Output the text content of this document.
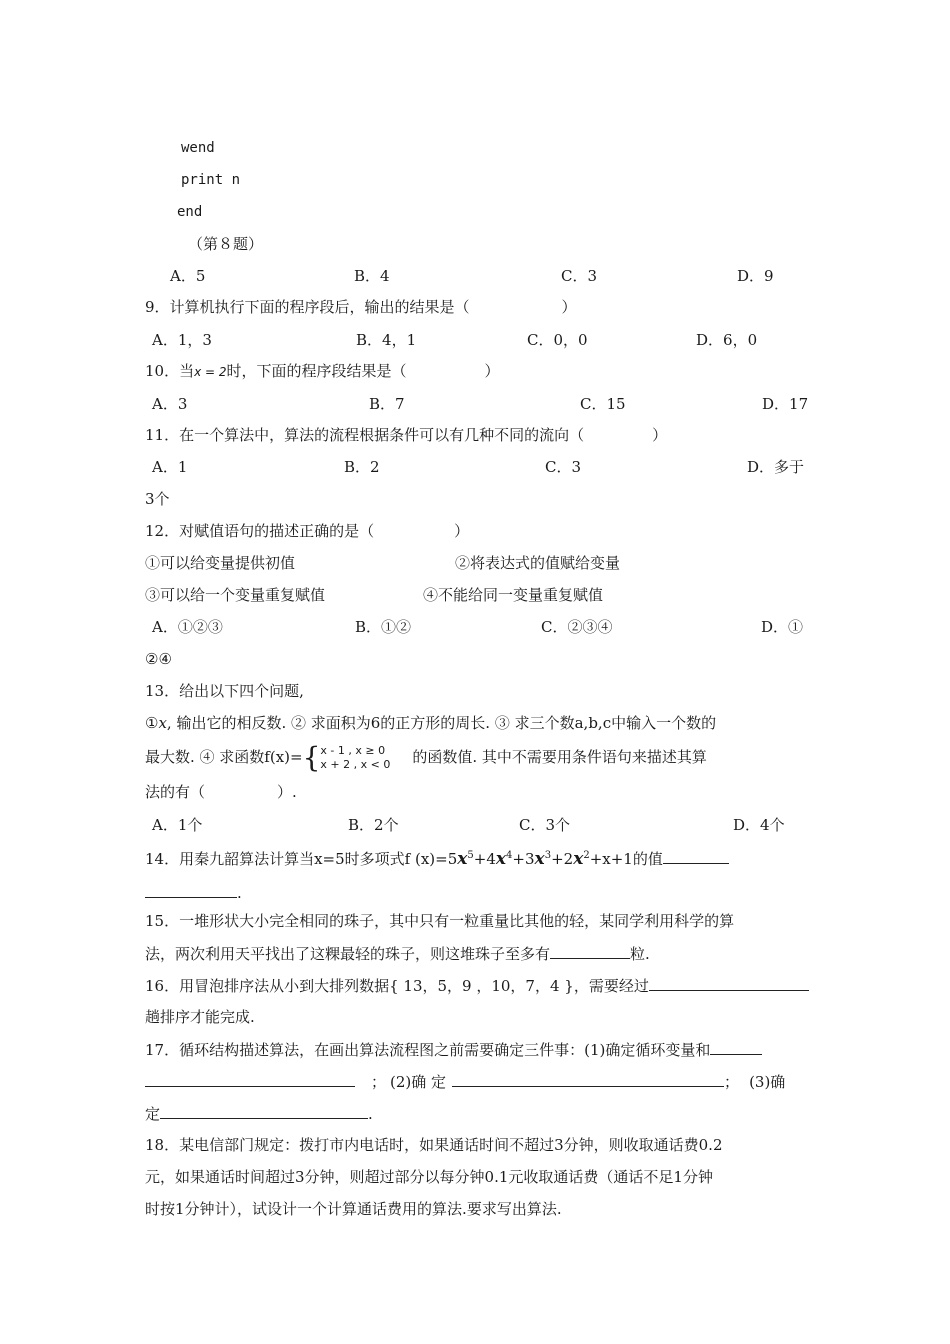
wend
print n
end
（第８题）
A．5	B．4	C．3	D．9
9．计算机执行下面的程序段后，输出的结果是（	）
A．1，3	B．4，1	C．0，0	D．6，0
10．当x = 2时，下面的程序段结果是（	）
A．3	B．7	C．15	D．17
11．在一个算法中，算法的流程根据条件可以有几种不同的流向（	）
A．1	B．2	C．3	D．多于
3个
12．对赋值语句的描述正确的是（	）
①可以给变量提供初值	②将表达式的值赋给变量
③可以给一个变量重复赋值	④不能给同一变量重复赋值
A．①②③	B．①②	C．②③④	D．①
②④
13．给出以下四个问题,
①x, 输出它的相反数. ② 求面积为6的正方形的周长. ③ 求三个数a,b,c中输入一个数的
最大数. ④ 求函数f(x)={x - 1 , x ≥ 0
x + 2 , x < 0 的函数值. 其中不需要用条件语句来描述其算
法的有（	）.
A．1个	B．2个	C．3个	D．4个
14．用秦九韶算法计算当x=5时多项式f $(x)=5x^5+4x^4+3x^3+2x^2+x+1$的值
.
15．一堆形状大小完全相同的珠子，其中只有一粒重量比其他的轻，某同学利用科学的算
法，两次利用天平找出了这粿最轻的珠子，则这堆珠子至多有	粒.
16．用冒泡排序法从小到大排列数据{ 13，5，9 ，10，7，4 }，需要经过
趟排序才能完成.
17．循环结构描述算法，在画出算法流程图之前需要确定三件事：(1)确定循环变量和
； (2)确 定	； (3)确
定	.
18．某电信部门规定：拨打市内电话时，如果通话时间不超过3分钟，则收取通话费0.2
元，如果通话时间超过3分钟，则超过部分以每分钟0.1元收取通话费（通话不足1分钟
时按1分钟计），试设计一个计算通话费用的算法.要求写出算法.
